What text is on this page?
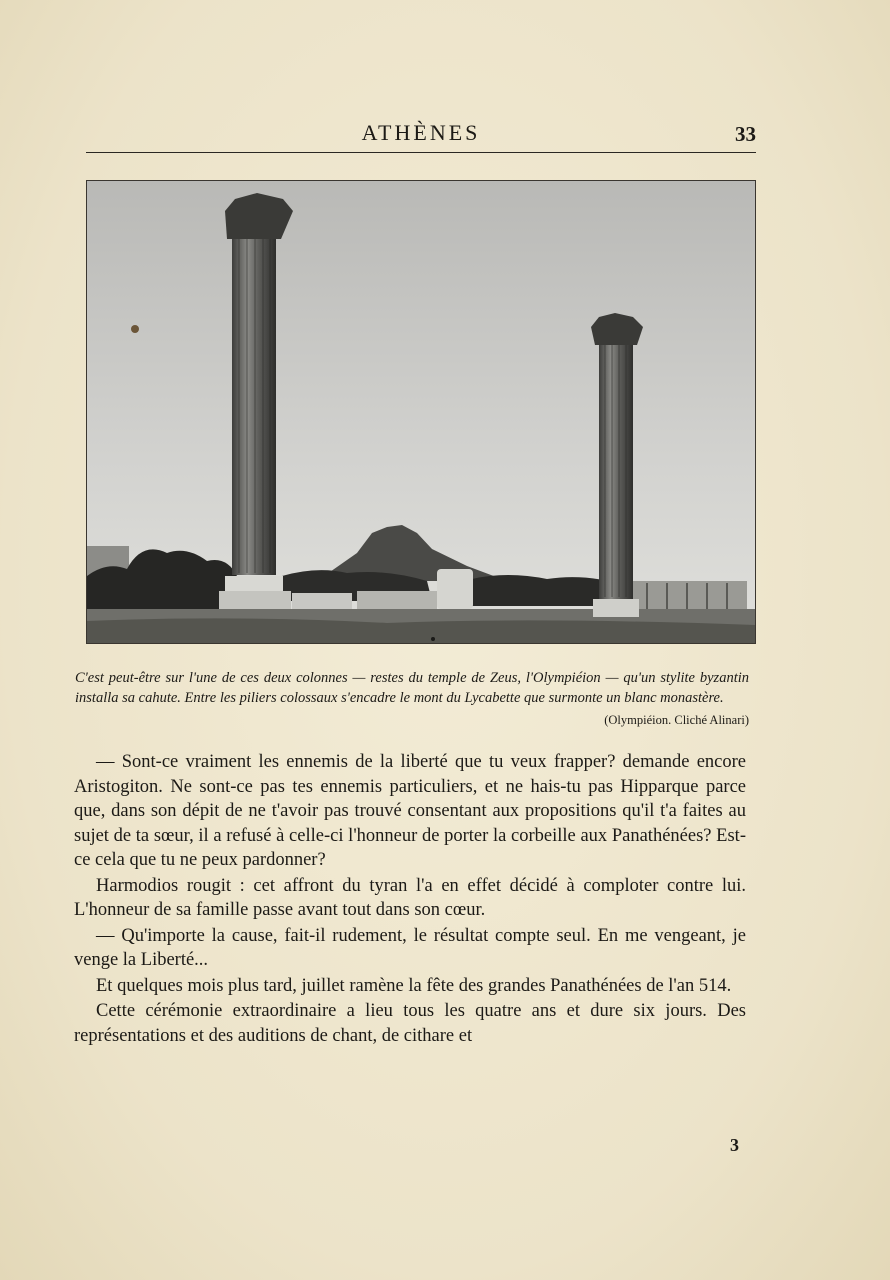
ATHÈNES	33
C'est peut-être sur l'une de ces deux colonnes — restes du temple de Zeus, l'Olympiéion — qu'un stylite byzantin installa sa cahute. Entre les piliers colossaux s'encadre le mont du Lycabette que surmonte un blanc monastère.
(Olympiéion. Cliché Alinari)

— Sont-ce vraiment les ennemis de la liberté que tu veux frapper? demande encore Aristogiton. Ne sont-ce pas tes ennemis particuliers, et ne hais-tu pas Hipparque parce que, dans son dépit de ne t'avoir pas trouvé consentant aux propositions qu'il t'a faites au sujet de ta sœur, il a refusé à celle-ci l'honneur de porter la corbeille aux Panathénées? Est-ce cela que tu ne peux pardonner?

Harmodios rougit : cet affront du tyran l'a en effet décidé à comploter contre lui. L'honneur de sa famille passe avant tout dans son cœur.

— Qu'importe la cause, fait-il rudement, le résultat compte seul. En me vengeant, je venge la Liberté...

Et quelques mois plus tard, juillet ramène la fête des grandes Panathénées de l'an 514.

Cette cérémonie extraordinaire a lieu tous les quatre ans et dure six jours. Des représentations et des auditions de chant, de cithare et

3
